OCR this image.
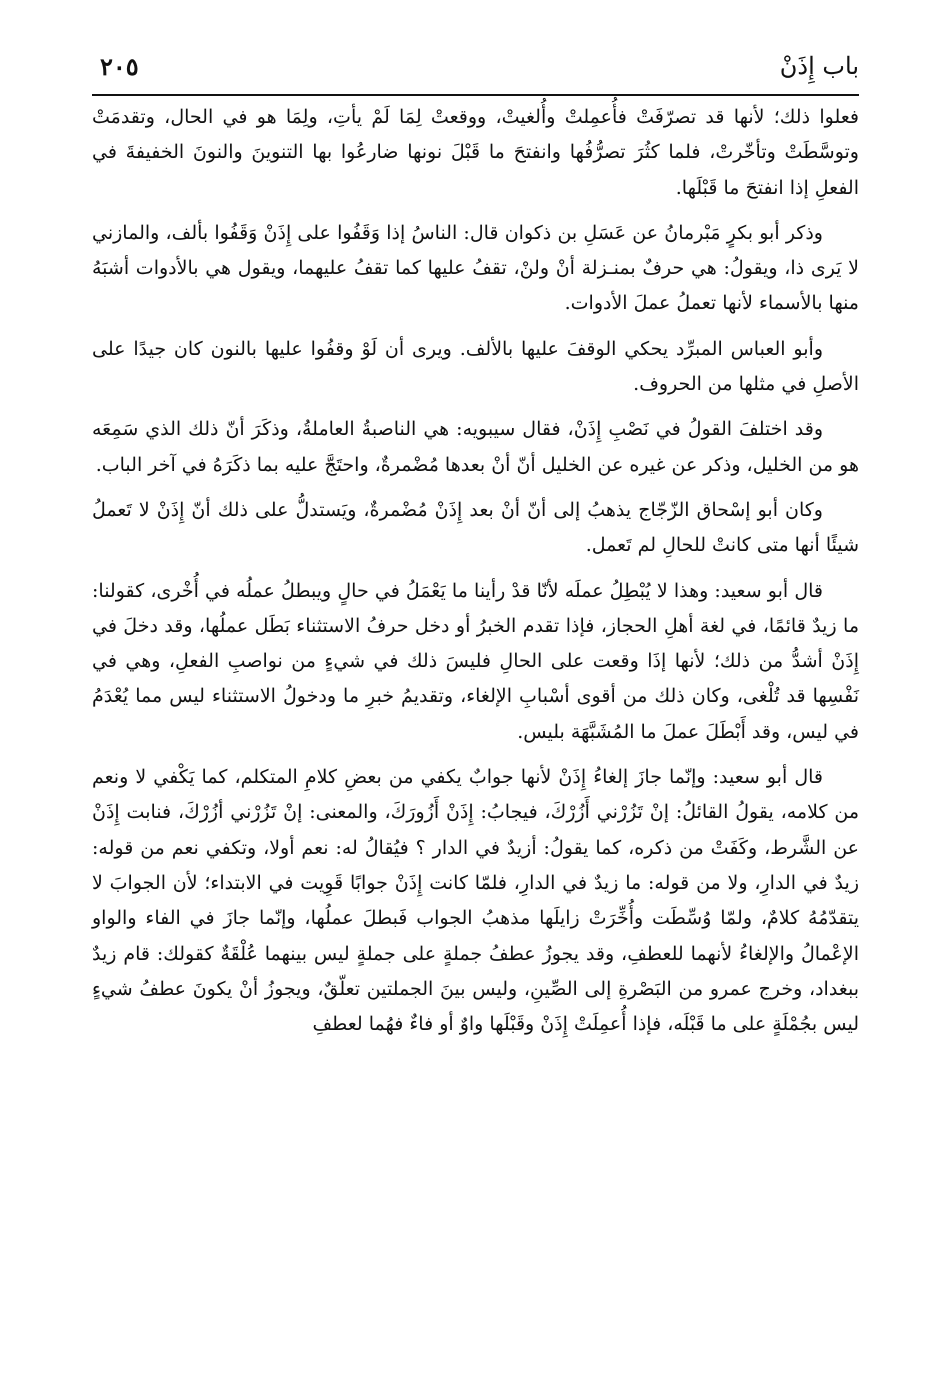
٢٠٥	باب إِذَنْ

فعلوا ذلك؛ لأنها قد تصرّفَتْ فأُعمِلتْ وأُلغيتْ، ووقعتْ لِمَا لَمْ يأتِ، ولِمَا هو في الحال، وتقدمَتْ وتوسَّطَتْ وتأخّرتْ، فلما كثُرَ تصرُّفُها وانفتحَ ما قَبْلَ نونها ضارعُوا بها التنوينَ والنونَ الخفيفةَ في الفعلِ إذا انفتحَ ما قَبْلَها.

وذكر أبو بكرٍ مَبْرمانُ عن عَسَلِ بن ذكوان قال: الناسُ إذا وَقَفُوا على إِذَنْ وَقَفُوا بألف، والمازني لا يَرى ذا، ويقولُ: هي حرفٌ بمنـزلة أنْ ولنْ، تقفُ عليها كما تقفُ عليهما، ويقول هي بالأدوات أشبَهُ منها بالأسماء لأنها تعملُ عملَ الأدوات.

وأبو العباس المبرِّد يحكي الوقفَ عليها بالألف. ويرى أن لَوْ وقفُوا عليها بالنون كان جيدًا على الأصلِ في مثلها من الحروف.

وقد اختلفَ القولُ في نَصْبِ إِذَنْ، فقال سيبويه: هي الناصبةُ العاملةُ، وذكَرَ أنّ ذلك الذي سَمِعَه هو من الخليل، وذكر عن غيره عن الخليل أنّ أنْ بعدها مُضْمرةٌ، واحتَجَّ عليه بما ذكَرَهُ في آخر الباب.

وكان أبو إسْحاق الزّجّاج يذهبُ إلى أنّ أنْ بعد إِذَنْ مُضْمرةٌ، ويَستدلُّ على ذلك أنّ إِذَنْ لا تَعملُ شيئًا أنها متى كانتْ للحالِ لم تَعمل.

قال أبو سعيد: وهذا لا يُبْطِلُ عملَه لأنّا قدْ رأينا ما يَعْمَلُ في حالٍ ويبطلُ عملُه في أُخْرى، كقولنا: ما زيدٌ قائمًا، في لغة أهلِ الحجاز، فإذا تقدم الخبرُ أو دخل حرفُ الاستثناء بَطَل عملُها، وقد دخلَ في إِذَنْ أشدُّ من ذلك؛ لأنها إذَا وقعت على الحالِ فليسَ ذلك في شيءٍ من نواصبِ الفعلِ، وهي في نَفْسِها قد تُلْغى، وكان ذلك من أقوى أسْبابِ الإلغاء، وتقديمُ خبرِ ما ودخولُ الاستثناء ليس مما يُعْدَمُ في ليس، وقد أَبْطَلَ عملَ ما المُشَبَّهَة بليس.

قال أبو سعيد: وإنّما جازَ إلغاءُ إِذَنْ لأنها جوابٌ يكفي من بعضِ كلامِ المتكلم، كما يَكْفي لا ونعم من كلامه، يقولُ القائلُ: إنْ تَزُرْني أَزُرْكَ، فيجابُ: إِذَنْ أَزُورَكَ، والمعنى: إنْ تَزُرْني أزُرْكَ، فنابت إِذَنْ عن الشَّرط، وكَفَتْ من ذكره، كما يقولُ: أزيدٌ في الدار ؟ فيُقالُ له: نعم أولا، وتكفي نعم من قوله: زيدٌ في الدارِ، ولا من قوله: ما زيدٌ في الدارِ، فلمّا كانت إِذَنْ جوابًا قَوِيت في الابتداء؛ لأن الجوابَ لا يتقدّمُهُ كلامٌ، ولمّا وُسِّطَت وأُخِّرَتْ زايلَها مذهبُ الجواب فَبطلَ عملُها، وإنّما جازَ في الفاء والواو الإعْمالُ والإلغاءُ لأنهما للعطفِ، وقد يجوزُ عطفُ جملةٍ على جملةٍ ليس بينهما عُلْقَةٌ كقولك: قام زيدٌ ببغداد، وخرج عمرو من البَصْرةِ إلى الصِّينِ، وليس بينَ الجملتين تعلّقٌ، ويجوزُ أنْ يكونَ عطفُ شيءٍ ليس بجُمْلَةٍ على ما قَبْلَه، فإذا أُعمِلَتْ إِذَنْ وقَبْلَها واوٌ أو فاءٌ فهُما لعطفِ
